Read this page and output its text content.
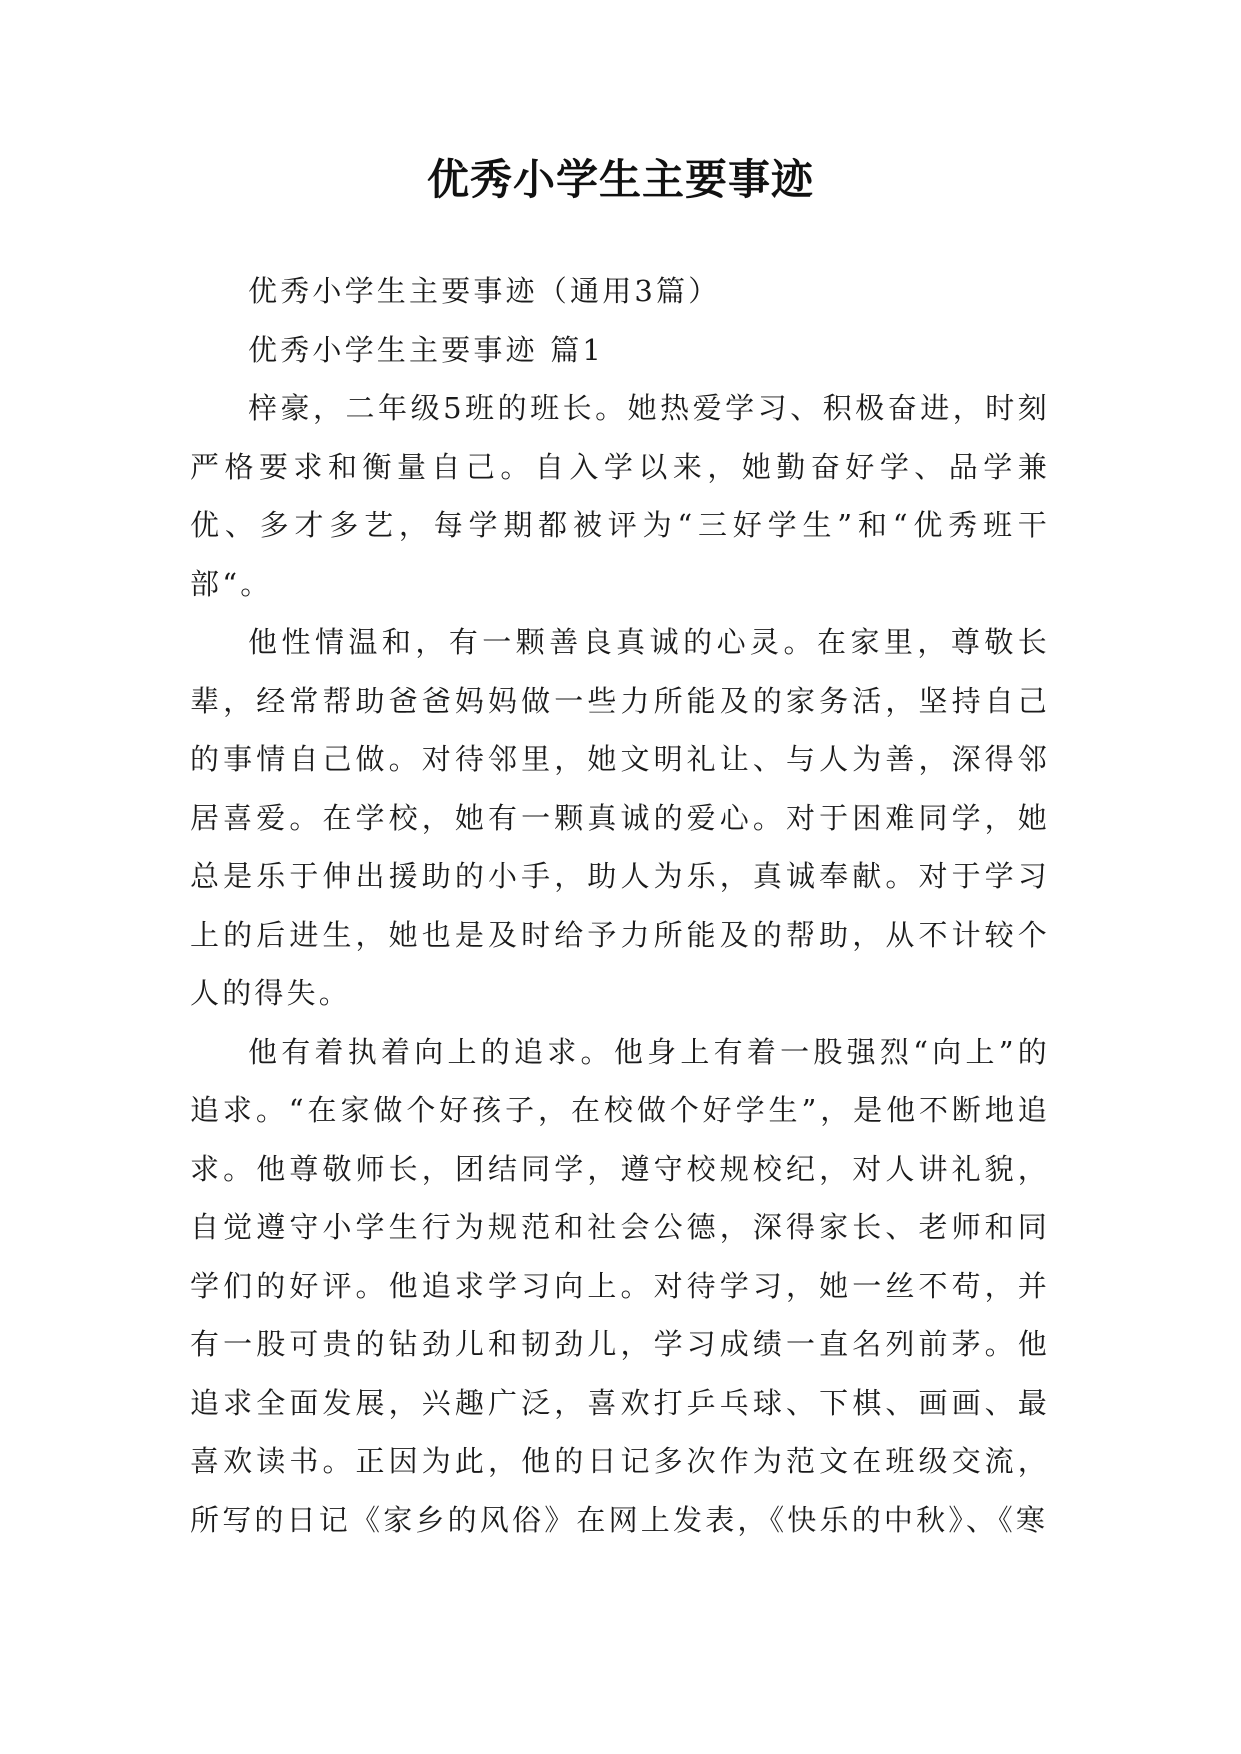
优秀小学生主要事迹

优秀小学生主要事迹（通用3篇）

优秀小学生主要事迹 篇1

梓豪，二年级5班的班长。她热爱学习、积极奋进，时刻严格要求和衡量自己。自入学以来，她勤奋好学、品学兼优、多才多艺，每学期都被评为“三好学生”和“优秀班干部“。

他性情温和，有一颗善良真诚的心灵。在家里，尊敬长辈，经常帮助爸爸妈妈做一些力所能及的家务活，坚持自己的事情自己做。对待邻里，她文明礼让、与人为善，深得邻居喜爱。在学校，她有一颗真诚的爱心。对于困难同学，她总是乐于伸出援助的小手，助人为乐，真诚奉献。对于学习上的后进生，她也是及时给予力所能及的帮助，从不计较个人的得失。

他有着执着向上的追求。他身上有着一股强烈“向上”的追求。“在家做个好孩子，在校做个好学生”，是他不断地追求。他尊敬师长，团结同学，遵守校规校纪，对人讲礼貌，自觉遵守小学生行为规范和社会公德，深得家长、老师和同学们的好评。他追求学习向上。对待学习，她一丝不苟，并有一股可贵的钻劲儿和韧劲儿，学习成绩一直名列前茅。他追求全面发展，兴趣广泛，喜欢打乒乓球、下棋、画画、最喜欢读书。正因为此，他的日记多次作为范文在班级交流，所写的日记《家乡的风俗》在网上发表，《快乐的中秋》、《寒
